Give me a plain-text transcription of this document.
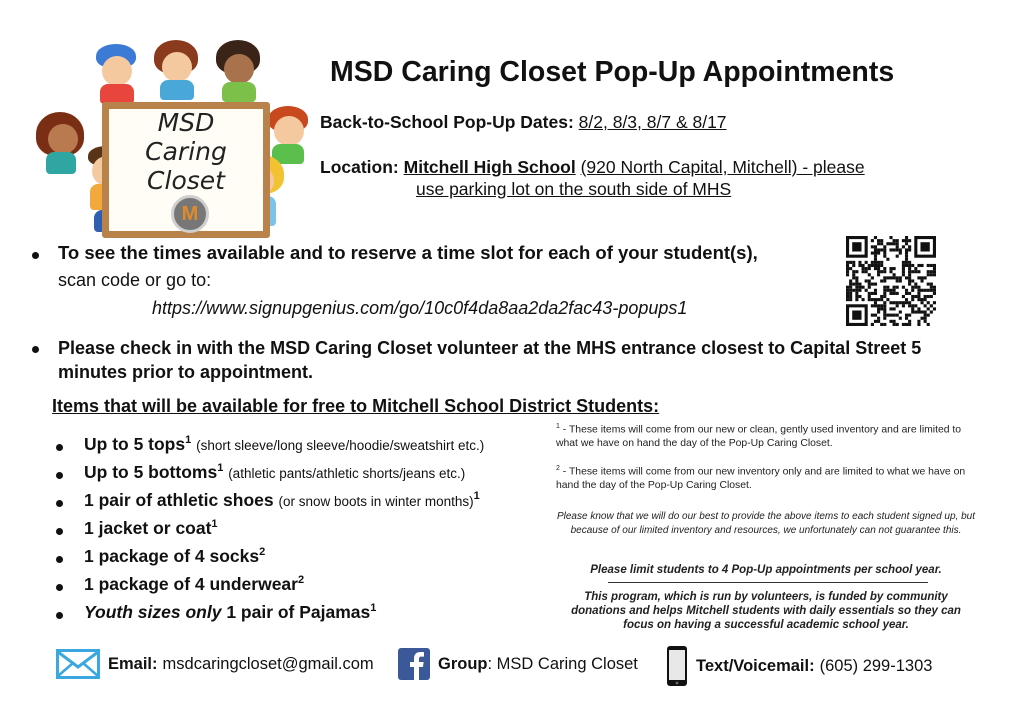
MSD
Caring
Closet
M
MSD Caring Closet Pop-Up Appointments
Back-to-School Pop-Up Dates: 8/2, 8/3, 8/7 & 8/17
Location: Mitchell High School (920 North Capital, Mitchell) - please
use parking lot on the south side of MHS
To see the times available and to reserve a time slot for each of your student(s),
scan code or go to:
https://www.signupgenius.com/go/10c0f4da8aa2da2fac43-popups1
Please check in with the MSD Caring Closet volunteer at the MHS entrance closest to Capital Street 5 minutes prior to appointment.
Items that will be available for free to Mitchell School District Students:
Up to 5 tops$^1$ (short sleeve/long sleeve/hoodie/sweatshirt etc.)
Up to 5 bottoms$^1$ (athletic pants/athletic shorts/jeans etc.)
1 pair of athletic shoes (or snow boots in winter months)$^1$
1 jacket or coat$^1$
1 package of 4 socks$^2$
1 package of 4 underwear$^2$
Youth sizes only 1 pair of Pajamas$^1$
$^1$ - These items will come from our new or clean, gently used inventory and are limited to what we have on hand the day of the Pop-Up Caring Closet.
$^2$ - These items will come from our new inventory only and are limited to what we have on hand the day of the Pop-Up Caring Closet.
Please know that we will do our best to provide the above items to each student signed up, but because of our limited inventory and resources, we unfortunately can not guarantee this.
Please limit students to 4 Pop-Up appointments per school year.
This program, which is run by volunteers, is funded by community donations and helps Mitchell students with daily essentials so they can focus on having a successful academic school year.
Email: msdcaringcloset@gmail.com	Group : MSD Caring Closet	Text/Voicemail: (605) 299-1303
